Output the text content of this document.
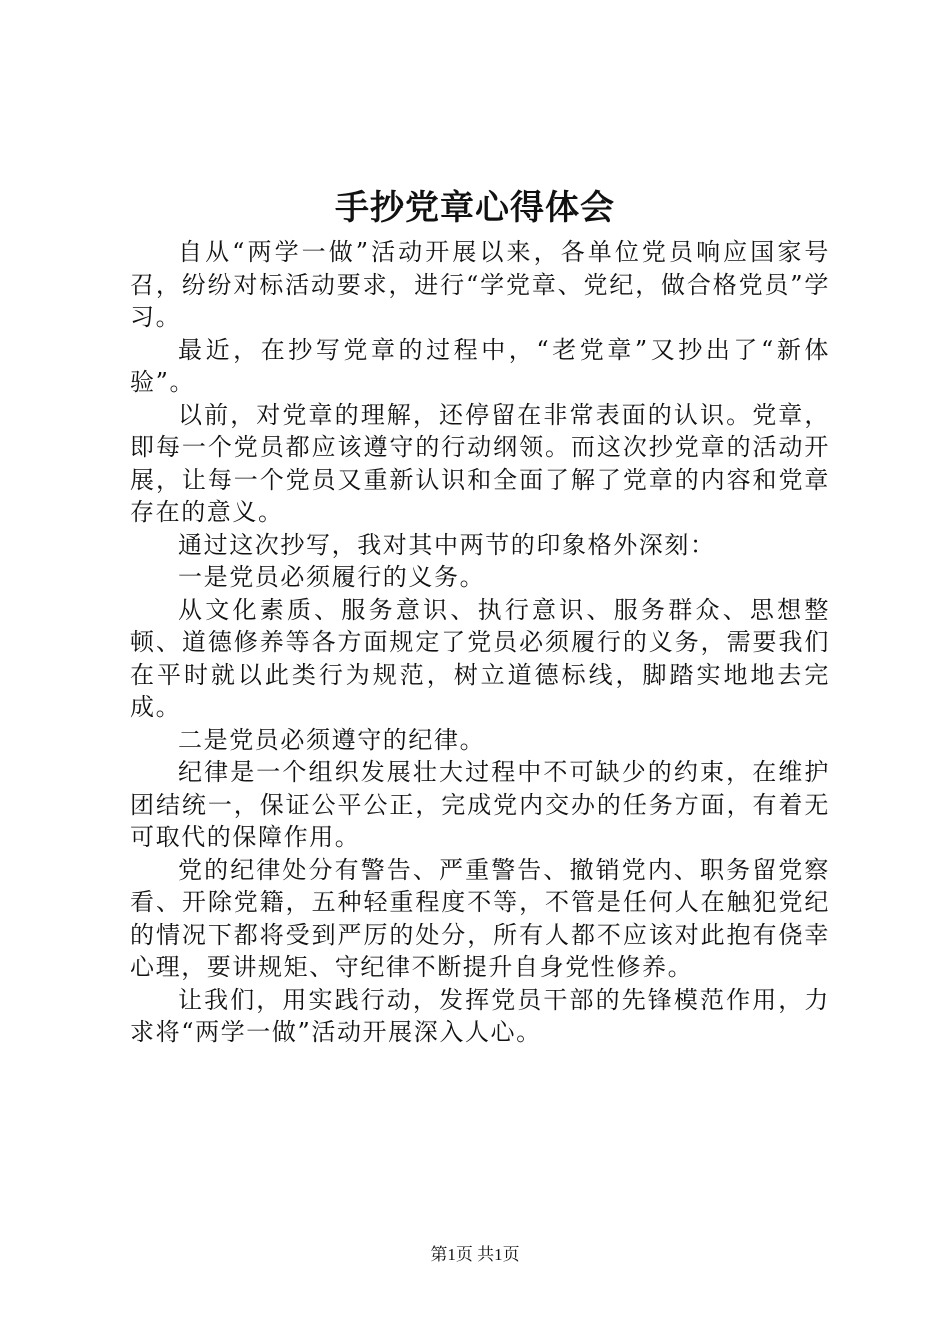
手抄党章心得体会

自从“两学一做”活动开展以来，各单位党员响应国家号召，纷纷对标活动要求，进行“学党章、党纪，做合格党员”学习。

最近，在抄写党章的过程中，“老党章”又抄出了“新体验”。

以前，对党章的理解，还停留在非常表面的认识。党章，即每一个党员都应该遵守的行动纲领。而这次抄党章的活动开展，让每一个党员又重新认识和全面了解了党章的内容和党章存在的意义。

通过这次抄写，我对其中两节的印象格外深刻：

一是党员必须履行的义务。

从文化素质、服务意识、执行意识、服务群众、思想整顿、道德修养等各方面规定了党员必须履行的义务，需要我们在平时就以此类行为规范，树立道德标线，脚踏实地地去完成。

二是党员必须遵守的纪律。

纪律是一个组织发展壮大过程中不可缺少的约束，在维护团结统一，保证公平公正，完成党内交办的任务方面，有着无可取代的保障作用。

党的纪律处分有警告、严重警告、撤销党内、职务留党察看、开除党籍，五种轻重程度不等，不管是任何人在触犯党纪的情况下都将受到严厉的处分，所有人都不应该对此抱有侥幸心理，要讲规矩、守纪律不断提升自身党性修养。

让我们，用实践行动，发挥党员干部的先锋模范作用，力求将“两学一做”活动开展深入人心。

第1页 共1页
